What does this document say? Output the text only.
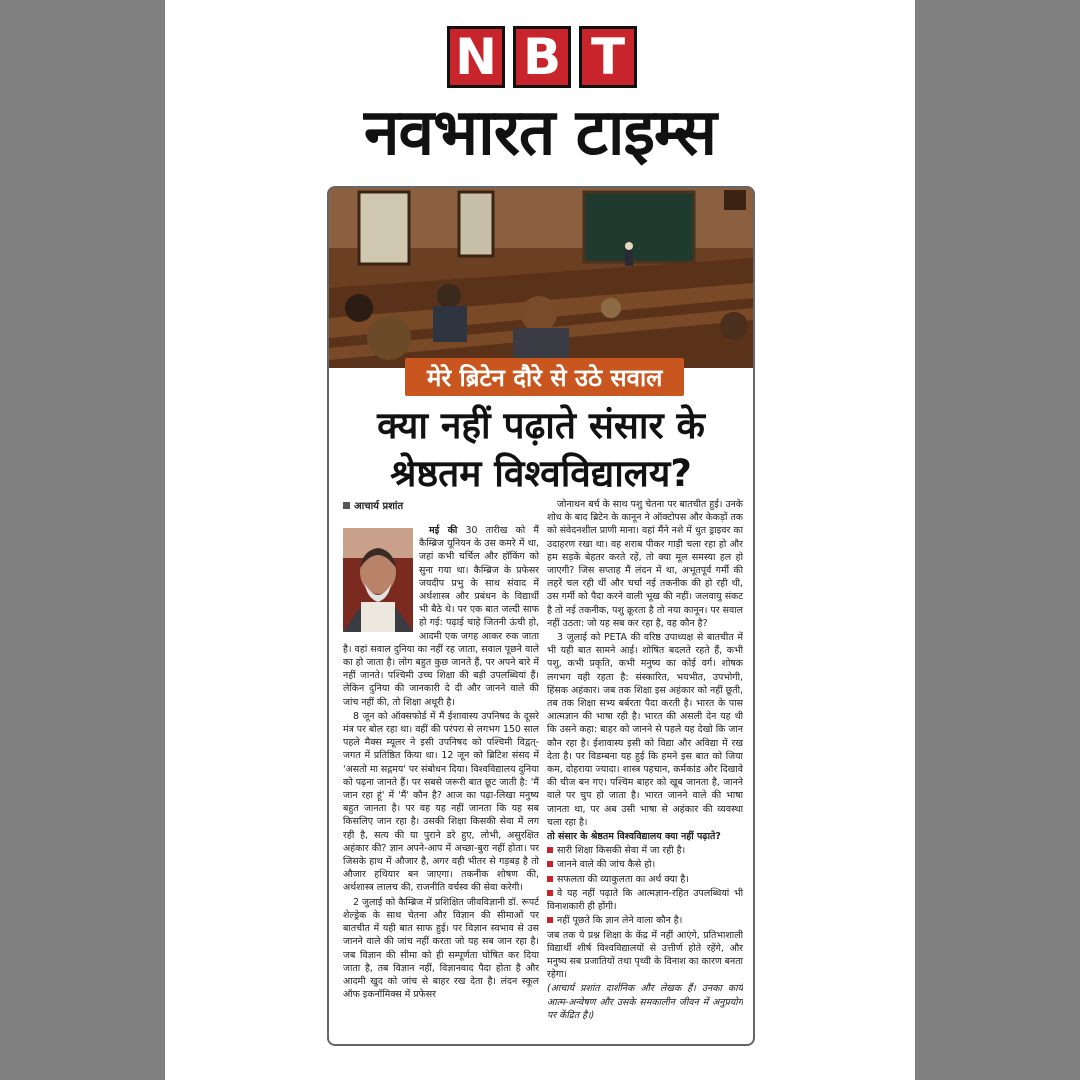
N B T
नवभारत टाइम्स
मेरे ब्रिटेन दौरे से उठे सवाल
क्या नहीं पढ़ाते संसार के
श्रेष्ठतम विश्वविद्यालय?
आचार्य प्रशांत

मई की 30 तारीख को मैं कैम्ब्रिज यूनियन के उस कमरे में था, जहां कभी चर्चिल और हॉकिंग को सुना गया था। कैम्ब्रिज के प्रफेसर जयदीप प्रभु के साथ संवाद में अर्थशास्त्र और प्रबंधन के विद्यार्थी भी बैठे थे। पर एक बात जल्दी साफ हो गई: पढ़ाई चाहे जितनी ऊंची हो, आदमी एक जगह आकर रुक जाता है। वहां सवाल दुनिया का नहीं रह जाता, सवाल पूछने वाले का हो जाता है। लोग बहुत कुछ जानते हैं, पर अपने बारे में नहीं जानते। पश्चिमी उच्च शिक्षा की बड़ी उपलब्धियां हैं। लेकिन दुनिया की जानकारी दे दी और जानने वाले की जांच नहीं की, तो शिक्षा अधूरी है।

8 जून को ऑक्सफोर्ड में मैं ईशावास्य उपनिषद के दूसरे मंत्र पर बोल रहा था। वहीं की परंपरा से लगभग 150 साल पहले मैक्स म्यूलर ने इसी उपनिषद को पश्चिमी विद्वत्-जगत में प्रतिष्ठित किया था। 12 जून को ब्रिटिश संसद में 'असतो मा सद्गमय' पर संबोधन दिया। विश्वविद्यालय दुनिया को पढ़ना जानते हैं। पर सबसे जरूरी बात छूट जाती है: 'मैं जान रहा हूं' में 'मैं' कौन है? आज का पढ़ा-लिखा मनुष्य बहुत जानता है। पर वह यह नहीं जानता कि यह सब किसलिए जान रहा है। उसकी शिक्षा किसकी सेवा में लग रही है, सत्य की या पुराने डरे हुए, लोभी, असुरक्षित अहंकार की? ज्ञान अपने-आप में अच्छा-बुरा नहीं होता। पर जिसके हाथ में औजार है, अगर वही भीतर से गड़बड़ है तो औजार हथियार बन जाएगा। तकनीक शोषण की, अर्थशास्त्र लालच की, राजनीति वर्चस्व की सेवा करेगी।

2 जुलाई को कैम्ब्रिज में प्रशिक्षित जीवविज्ञानी डॉ. रूपर्ट शेल्ड्रेक के साथ चेतना और विज्ञान की सीमाओं पर बातचीत में यही बात साफ हुई। पर विज्ञान स्वभाव से उस जानने वाले की जांच नहीं करता जो यह सब जान रहा है। जब विज्ञान की सीमा को ही सम्पूर्णता घोषित कर दिया जाता है, तब विज्ञान नहीं, विज्ञानवाद पैदा होता है और आदमी खुद को जांच से बाहर रख देता है। लंदन स्कूल ऑफ इकनॉमिक्स में प्रफेसर

जोनाथन बर्च के साथ पशु चेतना पर बातचीत हुई। उनके शोध के बाद ब्रिटेन के कानून ने ऑक्टोपस और केकड़ों तक को संवेदनशील प्राणी माना। वहां मैंने नशे में धुत ड्राइवर का उदाहरण रखा था। वह शराब पीकर गाड़ी चला रहा हो और हम सड़कें बेहतर करते रहें, तो क्या मूल समस्या हल हो जाएगी? जिस सप्ताह मैं लंदन में था, अभूतपूर्व गर्मी की लहरें चल रही थीं और चर्चा नई तकनीक की हो रही थी, उस गर्मी को पैदा करने वाली भूख की नहीं। जलवायु संकट है तो नई तकनीक, पशु क्रूरता है तो नया कानून। पर सवाल नहीं उठता: जो यह सब कर रहा है, वह कौन है?

3 जुलाई को PETA की वरिष्ठ उपाध्यक्ष से बातचीत में भी यही बात सामने आई। शोषित बदलते रहते हैं, कभी पशु, कभी प्रकृति, कभी मनुष्य का कोई वर्ग। शोषक लगभग वही रहता है: संस्कारित, भयभीत, उपभोगी, हिंसक अहंकार। जब तक शिक्षा इस अहंकार को नहीं छूती, तब तक शिक्षा सभ्य बर्बरता पैदा करती है। भारत के पास आत्मज्ञान की भाषा रही है। भारत की असली देन यह थी कि उसने कहा: बाहर को जानने से पहले यह देखो कि जान कौन रहा है। ईशावास्य इसी को विद्या और अविद्या में रख देता है। पर विडम्बना यह हुई कि हमने इस बात को जिया कम, दोहराया ज्यादा। शास्त्र पहचान, कर्मकांड और दिखावे की चीज बन गए। पश्चिम बाहर को खूब जानता है, जानने वाले पर चुप हो जाता है। भारत जानने वाले की भाषा जानता था, पर अब उसी भाषा से अहंकार की व्यवस्था चला रहा है।

तो संसार के श्रेष्ठतम विश्वविद्यालय क्या नहीं पढ़ाते?

सारी शिक्षा किसकी सेवा में जा रही है।

जानने वाले की जांच कैसे हो।

सफलता की व्याकुलता का अर्थ क्या है।

वे यह नहीं पढ़ाते कि आत्मज्ञान-रहित उपलब्धियां भी विनाशकारी ही होंगी।

नहीं पूछते कि ज्ञान लेने वाला कौन है।

जब तक ये प्रश्न शिक्षा के केंद्र में नहीं आएंगे, प्रतिभाशाली विद्यार्थी शीर्ष विश्वविद्यालयों से उत्तीर्ण होते रहेंगे, और मनुष्य सब प्रजातियों तथा पृथ्वी के विनाश का कारण बनता रहेगा।

(आचार्य प्रशांत दार्शनिक और लेखक हैं। उनका कार्य आत्म-अन्वेषण और उसके समकालीन जीवन में अनुप्रयोग पर केंद्रित है।)
